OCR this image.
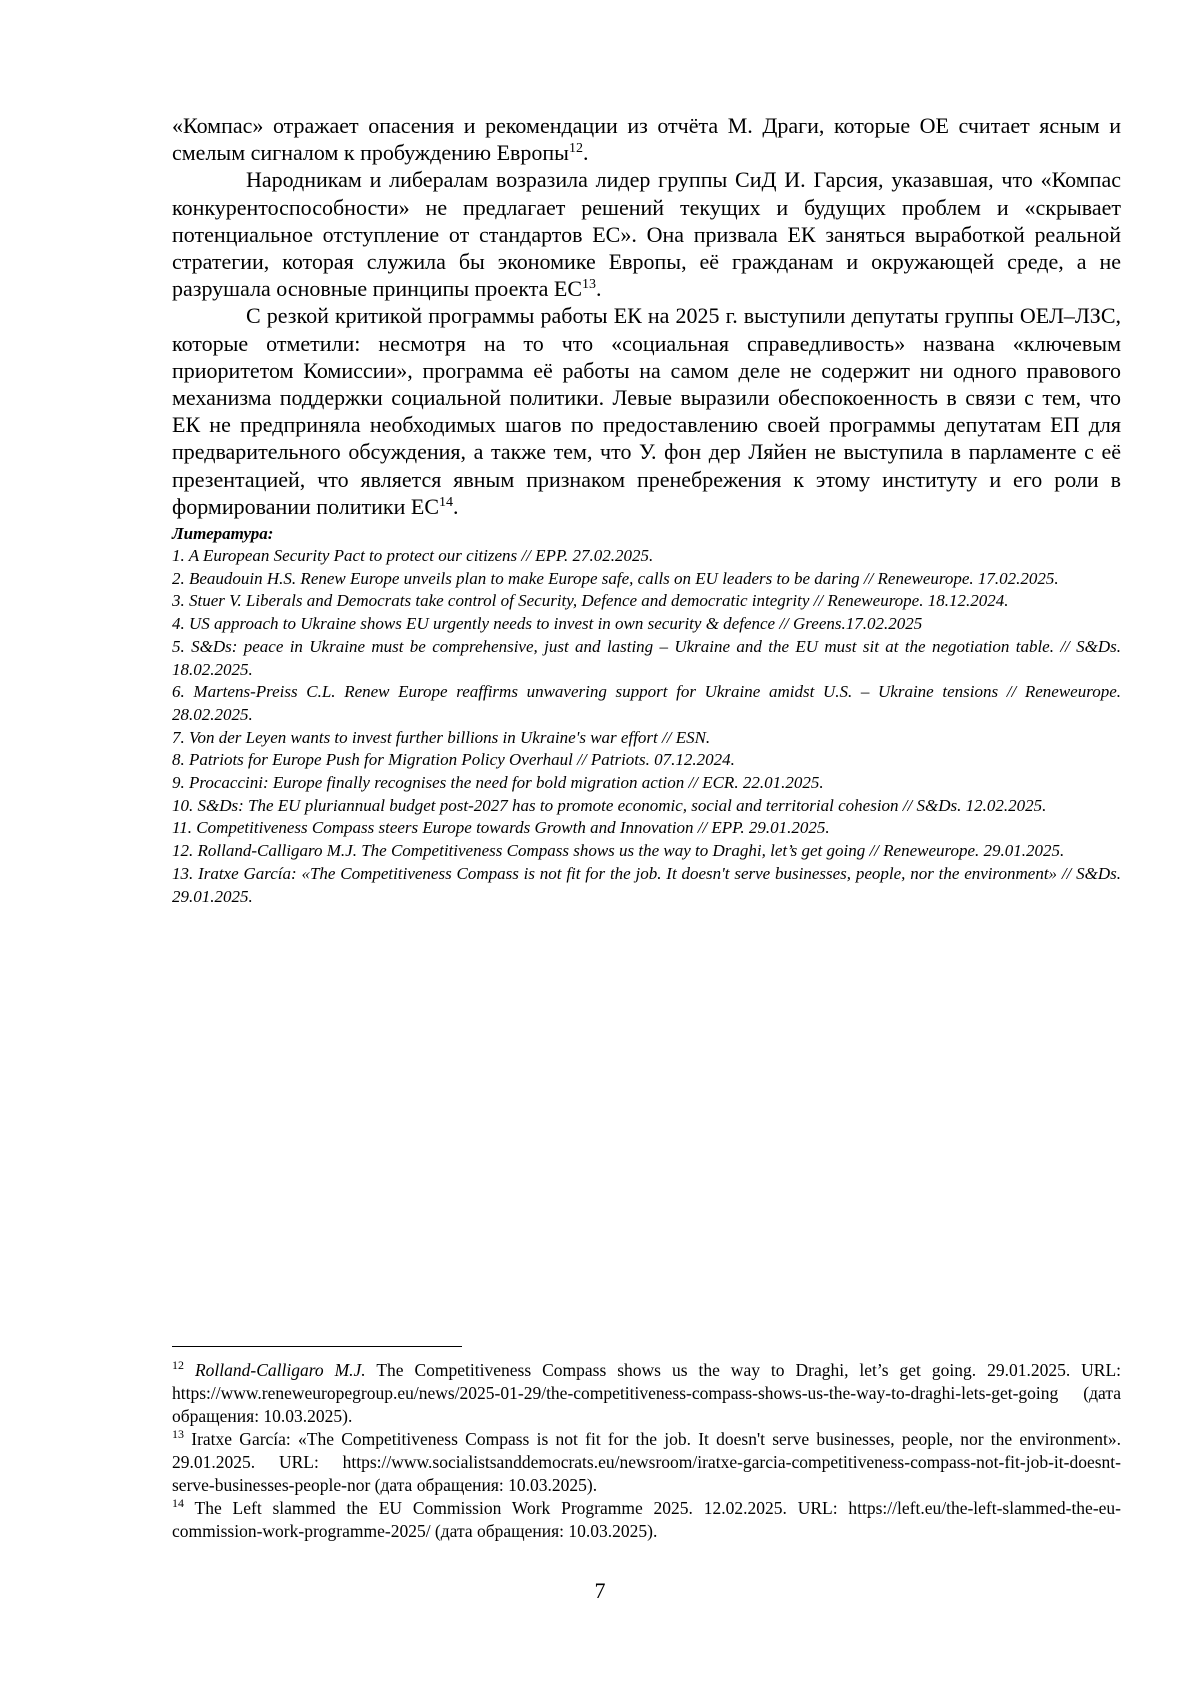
«Компас» отражает опасения и рекомендации из отчёта М. Драги, которые ОЕ считает ясным и смелым сигналом к пробуждению Европы$^{12}$.

Народникам и либералам возразила лидер группы СиД И. Гарсия, указавшая, что «Компас конкурентоспособности» не предлагает решений текущих и будущих проблем и «скрывает потенциальное отступление от стандартов ЕС». Она призвала ЕК заняться выработкой реальной стратегии, которая служила бы экономике Европы, её гражданам и окружающей среде, а не разрушала основные принципы проекта ЕС$^{13}$.

С резкой критикой программы работы ЕК на 2025 г. выступили депутаты группы ОЕЛ–ЛЗС, которые отметили: несмотря на то что «социальная справедливость» названа «ключевым приоритетом Комиссии», программа её работы на самом деле не содержит ни одного правового механизма поддержки социальной политики. Левые выразили обеспокоенность в связи с тем, что ЕК не предприняла необходимых шагов по предоставлению своей программы депутатам ЕП для предварительного обсуждения, а также тем, что У. фон дер Ляйен не выступила в парламенте с её презентацией, что является явным признаком пренебрежения к этому институту и его роли в формировании политики ЕС$^{14}$.

Литература:
1. A European Security Pact to protect our citizens // EPP. 27.02.2025.
2. Beaudouin H.S. Renew Europe unveils plan to make Europe safe, calls on EU leaders to be daring // Reneweurope. 17.02.2025.
3. Stuer V. Liberals and Democrats take control of Security, Defence and democratic integrity // Reneweurope. 18.12.2024.
4. US approach to Ukraine shows EU urgently needs to invest in own security & defence // Greens.17.02.2025
5. S&Ds: peace in Ukraine must be comprehensive, just and lasting – Ukraine and the EU must sit at the negotiation table. // S&Ds. 18.02.2025.
6. Martens-Preiss C.L. Renew Europe reaffirms unwavering support for Ukraine amidst U.S. – Ukraine tensions // Reneweurope. 28.02.2025.
7. Von der Leyen wants to invest further billions in Ukraine's war effort // ESN.
8. Patriots for Europe Push for Migration Policy Overhaul // Patriots. 07.12.2024.
9. Procaccini: Europe finally recognises the need for bold migration action // ECR. 22.01.2025.
10. S&Ds: The EU pluriannual budget post-2027 has to promote economic, social and territorial cohesion // S&Ds. 12.02.2025.
11. Competitiveness Compass steers Europe towards Growth and Innovation // EPP. 29.01.2025.
12. Rolland-Calligaro M.J. The Competitiveness Compass shows us the way to Draghi, let’s get going // Reneweurope. 29.01.2025.
13. Iratxe García: «The Competitiveness Compass is not fit for the job. It doesn't serve businesses, people, nor the environment» // S&Ds. 29.01.2025.

$^{12}$ Rolland-Calligaro M.J. The Competitiveness Compass shows us the way to Draghi, let’s get going. 29.01.2025. URL: https://www.reneweuropegroup.eu/news/2025-01-29/the-competitiveness-compass-shows-us-the-way-to-draghi-lets-get-going (дата обращения: 10.03.2025).

$^{13}$ Iratxe García: «The Competitiveness Compass is not fit for the job. It doesn't serve businesses, people, nor the environment». 29.01.2025. URL: https://www.socialistsanddemocrats.eu/newsroom/iratxe-garcia-competitiveness-compass-not-fit-job-it-doesnt-serve-businesses-people-nor (дата обращения: 10.03.2025).

$^{14}$ The Left slammed the EU Commission Work Programme 2025. 12.02.2025. URL: https://left.eu/the-left-slammed-the-eu-commission-work-programme-2025/ (дата обращения: 10.03.2025).

7
